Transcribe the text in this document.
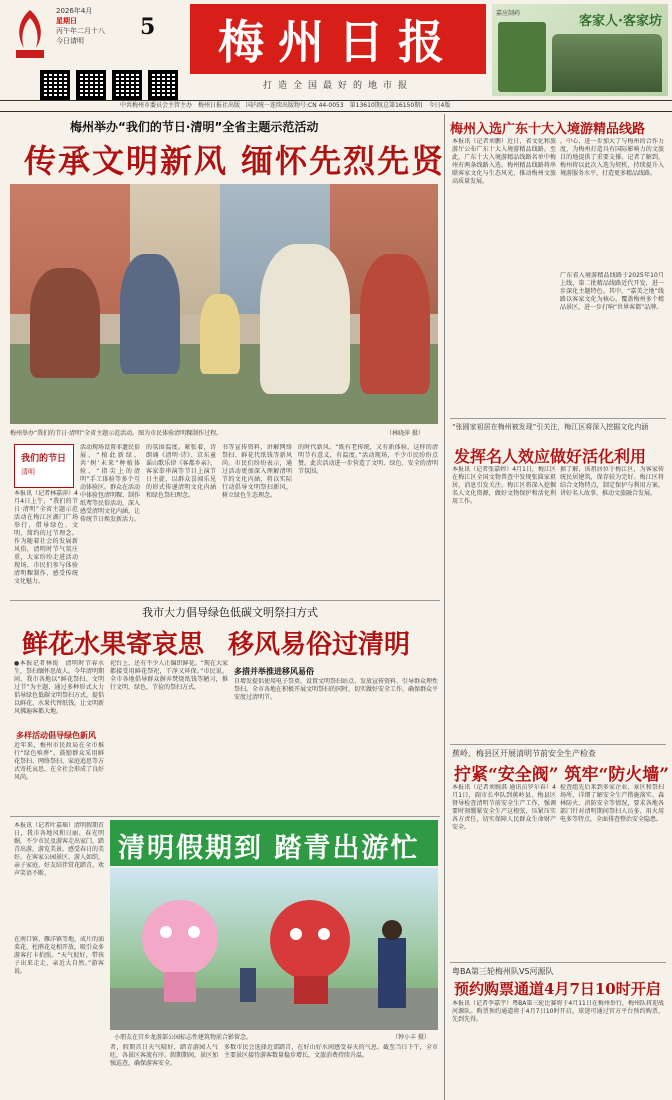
2026年4月
星期日
丙午年二月十八
今日请明
5 梅州日报
打造全国最好的地市报
嘉应制药
客家人·客家坊
中共梅州市委员会主管主办　梅州日报社出版　国内统一连续出版物号:CN 44-0053　第13610期(总第16150期)　今日4版
梅州举办“我们的节日·清明”全省主题示范活动
传承文明新风 缅怀先烈先贤
梅州举办“我们的节日·清明”全省主题示范活动。图为市民体验清明粿制作过程。	（林晓萍 摄）
我们的节日
清明
本报讯（记者林嘉萍）4月4日上午，“我们的节日·清明”全省主题示范活动在梅江区湖门广场举行，借导绿色、文明、简约的过节理念。作为随着社会的发展新风俗，清明时节气氛庄重，大家纷纷走进活动现场，市民们参与体验清明粿制作，感受传统文化魅力。
活动现场设置非遗民俗展、“植此新绿，共‘树’未来”种植体验、“指尖上的清明”手工体验等多个互动体验区。群众在活动中体验包清明粿、制作纸鸢等民俗活动，深入感受清明文化内涵，让传统节日焕发新活力。
的氛围温度。紧张着，诗朗诵《清明·诗》、京东童谣山歌乐律《客都乡亲》、客家拳串演等节目上演节日主旋，以群众喜闻乐见的形式传递清明文化内涵和绿色祭扫理念。
书等宣传资料，讲解网络祭扫、鲜花代纸钱等新风尚。市民们纷纷表示，通过活动更加深入理解清明节的文化内涵，将以实际行动倡导文明祭扫新风，树立绿色生态理念。
的时代新风。“既有老传统，又有新体验，这样的清明节有意义，有温度。”活动现场，不少市民纷纷点赞。此次活动进一步营造了文明、绿色、安全的清明节氛围。
我市大力倡导绿色低碳文明祭扫方式
鲜花水果寄哀思 移风易俗过清明
多措并举推进移风易俗
●本报记者林锐　清明时节春水生，祭扫缅怀思故人。今年清明期间，我市各地以“鲜花祭扫、文明过节”为主题，通过多种形式大力倡导绿色低碳文明祭扫方式，提倡以鲜花、水果代替纸钱，让文明新风拂遍客都大地。
多样活动倡导绿色新风
近年来，梅州市民政局在全市推行“绿色殡葬”，鼓励群众采用鲜花祭扫、网络祭扫、家庭追思等方式寄托哀思，在全社会形成了良好风尚。
祀台上，还有不少人正编织鲜花。“现在大家都接受用鲜花祭祀，干净又环保。”市民说。全市各地倡导群众摒弃焚烧纸钱等陋习，推行文明、绿色、节俭的祭扫方式。
自增发提倡使用电子祭奠、设置文明祭扫站点、发放宣传资料、引导群众理性祭扫。全市各地在积极开展文明祭扫的同时，切实做好安全工作，确保群众平安度过清明节。
本报讯（记者叶嘉瑶）清明假期首日，我市各地风和日丽、春光明媚，不少市民及游客走出家门，踏青出游，游览美景，感受春日的美好。在客家公园景区，游人如织，亲子家庭、好友结伴赏花踏青，欢声笑语不断。
在南口镇、雁洋镇等地，成片的油菜花、杜鹃花竞相开放，吸引众多游客打卡拍照。“天气很好，带孩子出来走走，亲近大自然。”游客说。
清明假期到 踏青出游忙
小朋友在宫乡龙游部公园标志性建筑物前合影留念。	（钟小丰 摄）
者，假期首日天气晴好，踏青游园人气旺，各景区客流有序。假期期间，景区加强巡查，确保游客安全。
多数市民会选择近郊踏青，在好山好水间感受春天的气息。截至当日下午，全市主要景区接待游客数量稳步增长，文旅消费持续升温。
梅州入选广东十大入境游精品线路
本报讯（记者刘鹏）近日，省文化和旅游厅公布广东十大入境游精品线路。至此，广东十大入境游精品线路名单中梅州有两条线路入选。梅州精品线路将串联客家文化与生态风光，推动梅州文旅高质量发展。
，中心，进一步加大了与梅州的合作力度，为梅州打造具有国际影响力的文旅目的地提供了重要支撑。记者了解到，梅州将以此次入选为契机，持续提升入境游服务水平，打造更多精品线路。
广东省入境游精品线路于2025年10月上线，第二批精品线路近代开发，进一步深化主题特色。其中，“嘉美之地”线路以客家文化为核心，覆盖梅州多个精品景区，进一步打响“世界客都”品牌。
“张圆家祖居在梅州被发现”引关注，梅江区将深入挖掘文化内涵
发挥名人效应做好活化利用
本报讯（记者张嘉婷）4月1日，梅江区在梅江区全国文物普查中发现张圆家祖居，消息引发关注。梅江区将深入挖掘名人文化资源，做好文物保护和活化利用工作。
据了解，该祖居位于梅江区，为客家传统民居建筑，保存较为完好。梅江区将结合文物特点，制定保护与利用方案，讲好名人故事，推动文旅融合发展。
蕉岭、梅县区开展清明节前安全生产检查
拧紧“安全阀” 筑牢“防火墙”
本报讯（记者刘婉淇 通讯员罗尔春）4月1日，副市长率队到蕉岭县、梅县区督导检查清明节前安全生产工作，强调要时刻绷紧安全生产这根弦，压紧压实各方责任，切实保障人民群众生命财产安全。
检查组先后来到多家企业、景区和祭扫场所，详细了解安全生产措施落实、森林防火、消防安全等情况，要求各地各部门针对清明期间祭扫人员多、用火用电多等特点，全面排查整治安全隐患。
粤BA第三轮梅州队VS河源队
预约购票通道4月7日10时开启
本报讯（记者李嘉宇）粤BA第三轮比赛将于4月11日在梅州举行，梅州队将迎战河源队。购票预约通道将于4月7日10时开启，球迷可通过官方平台预约购票，先到先得。
